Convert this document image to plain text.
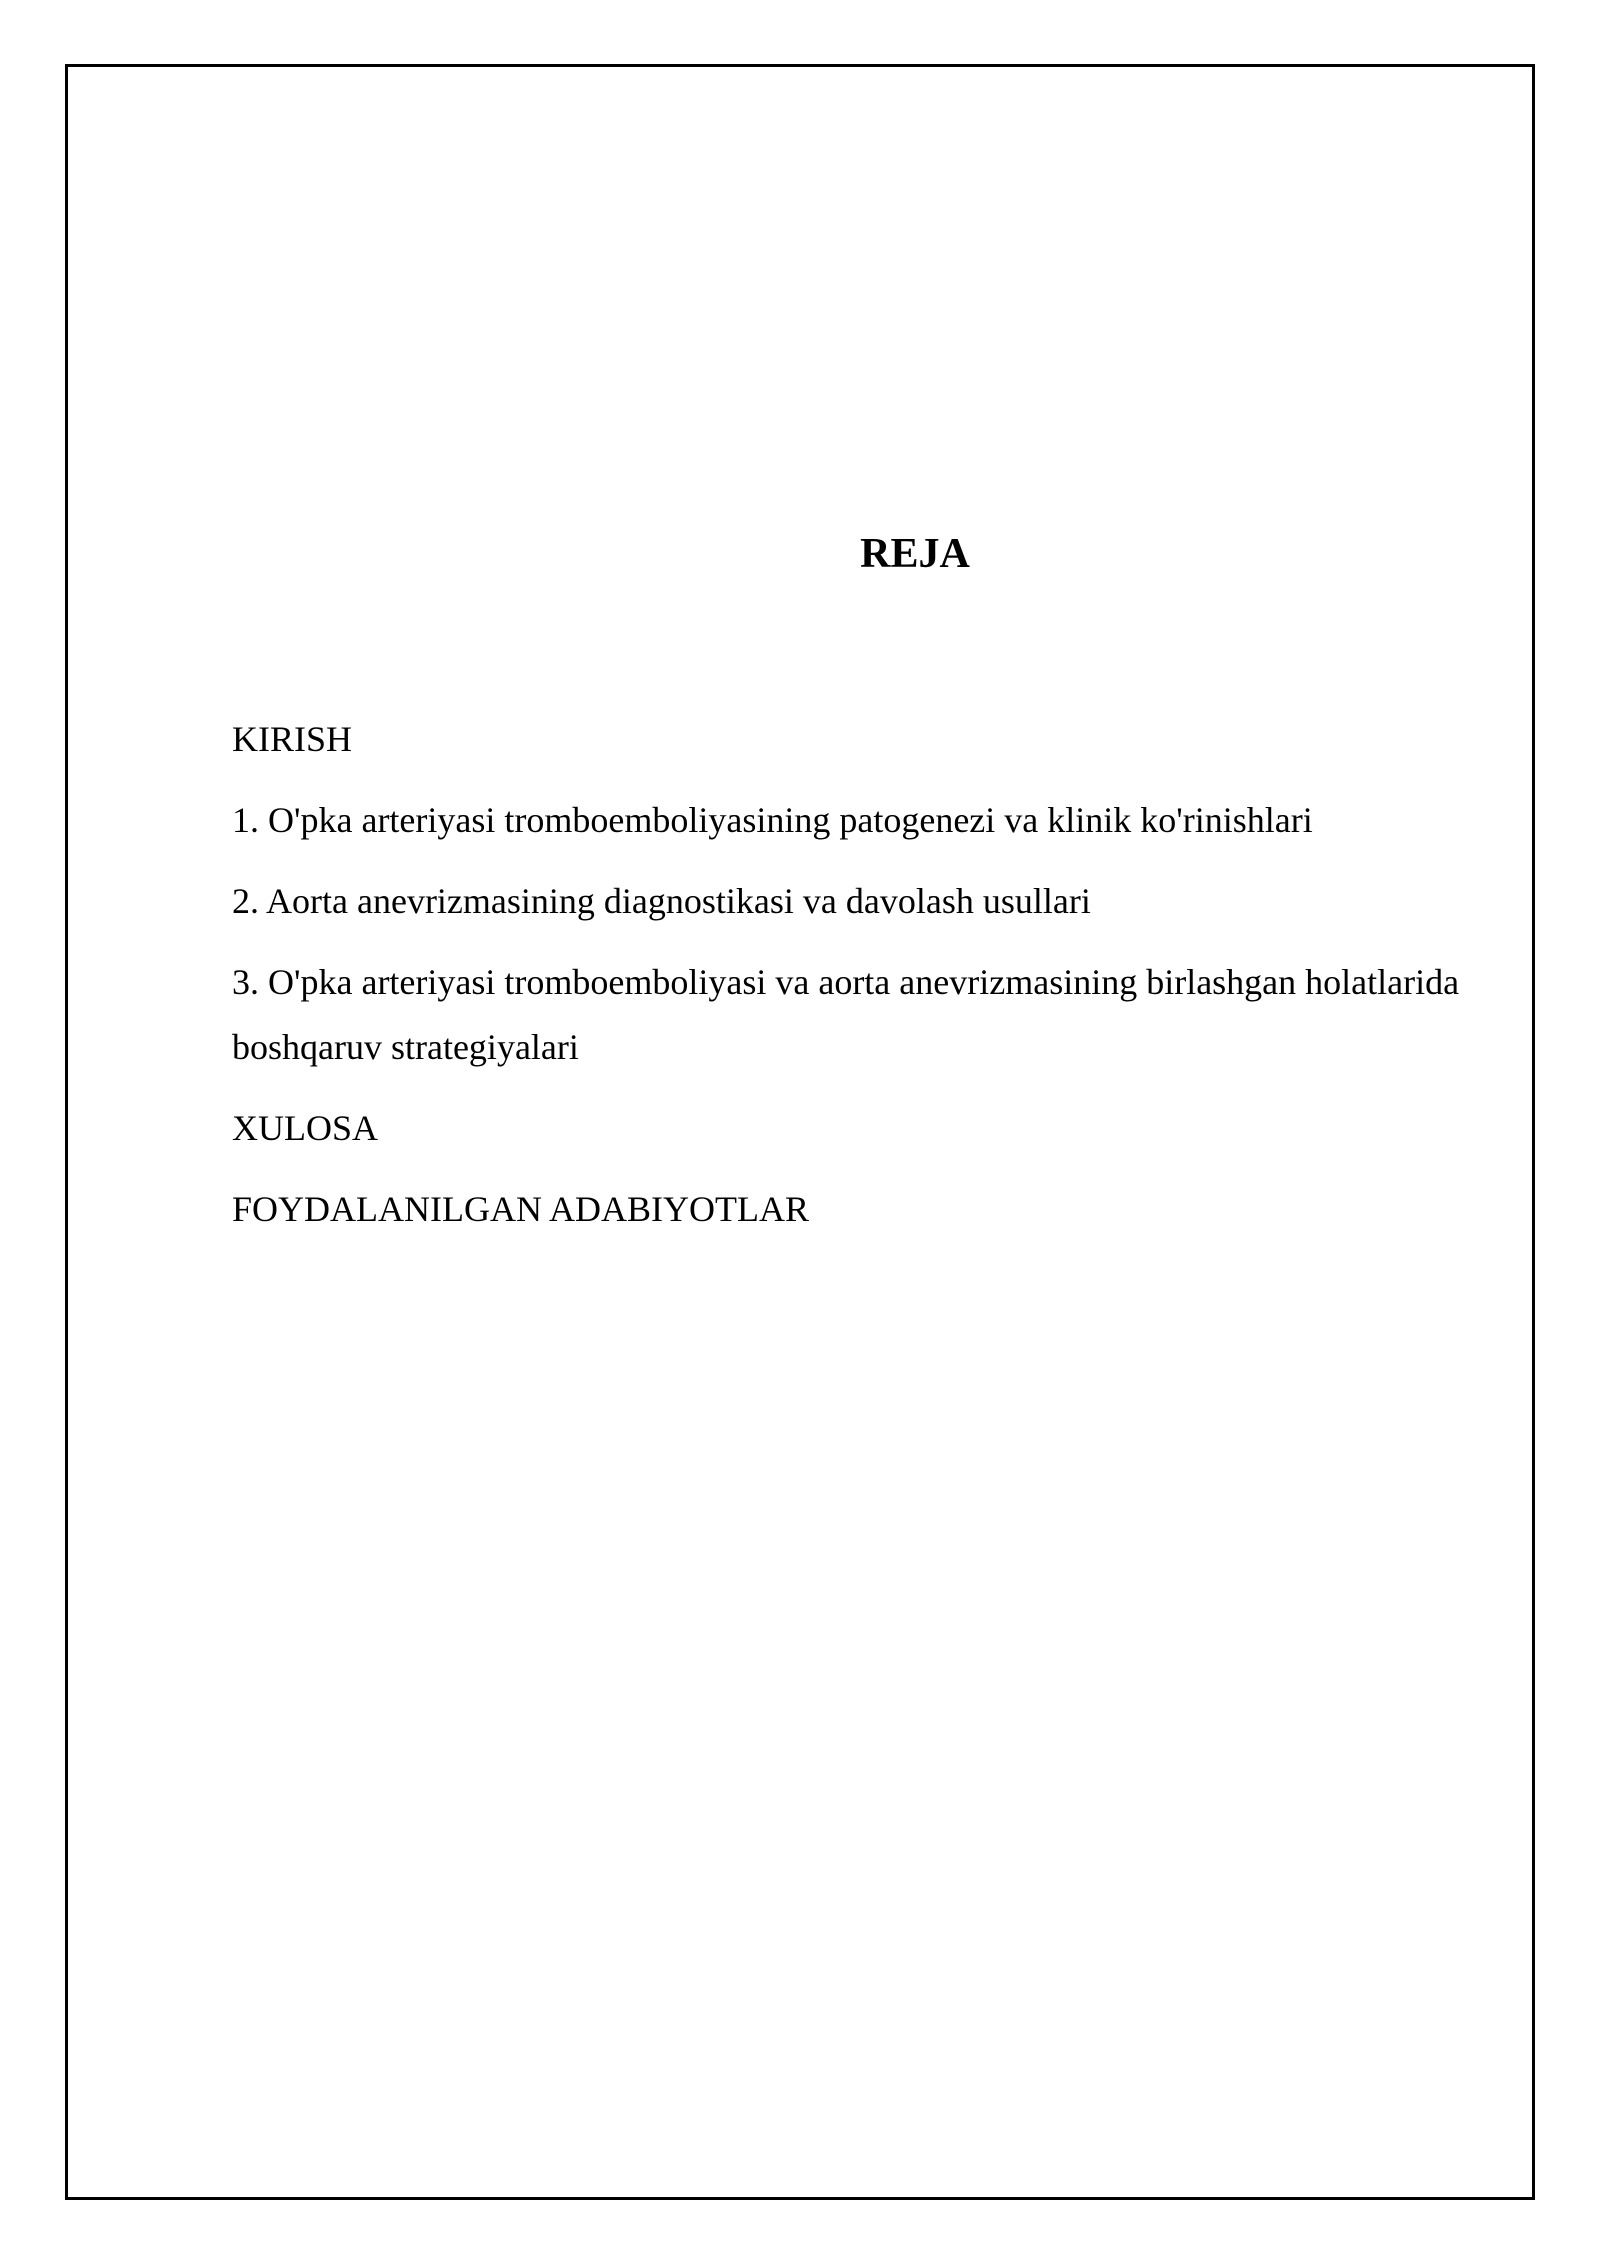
REJA
KIRISH
1. O'pka arteriyasi tromboemboliyasining patogenezi va klinik ko'rinishlari
2. Aorta anevrizmasining diagnostikasi va davolash usullari
3. O'pka arteriyasi tromboemboliyasi va aorta anevrizmasining birlashgan holatlarida boshqaruv strategiyalari
XULOSA
FOYDALANILGAN ADABIYOTLAR
